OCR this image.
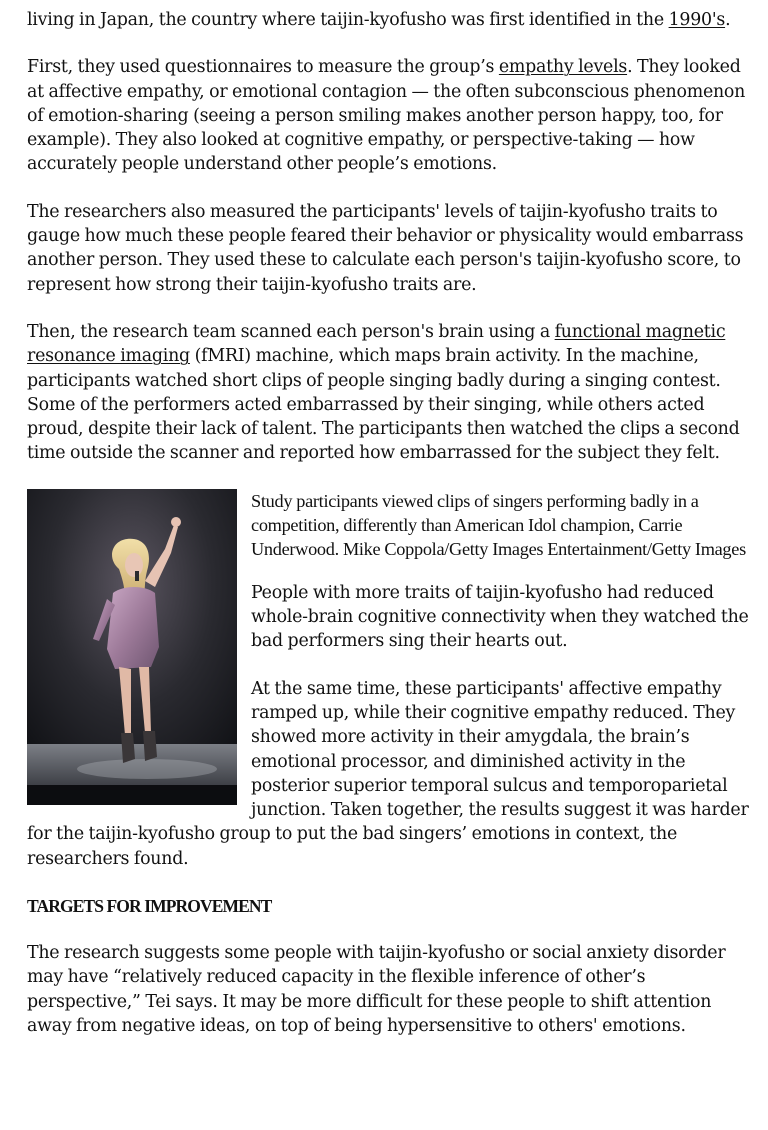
living in Japan, the country where taijin-kyofusho was first identified in the 1990's.

First, they used questionnaires to measure the group’s empathy levels. They looked at affective empathy, or emotional contagion — the often subconscious phenomenon of emotion-sharing (seeing a person smiling makes another person happy, too, for example). They also looked at cognitive empathy, or perspective-taking — how accurately people understand other people’s emotions.

The researchers also measured the participants' levels of taijin-kyofusho traits to gauge how much these people feared their behavior or physicality would embarrass another person. They used these to calculate each person's taijin-kyofusho score, to represent how strong their taijin-kyofusho traits are.

Then, the research team scanned each person's brain using a functional magnetic resonance imaging (fMRI) machine, which maps brain activity. In the machine, participants watched short clips of people singing badly during a singing contest. Some of the performers acted embarrassed by their singing, while others acted proud, despite their lack of talent. The participants then watched the clips a second time outside the scanner and reported how embarrassed for the subject they felt.

Study participants viewed clips of singers performing badly in a competition, differently than American Idol champion, Carrie Underwood. Mike Coppola/Getty Images Entertainment/Getty Images

People with more traits of taijin-kyofusho had reduced whole-brain cognitive connectivity when they watched the bad performers sing their hearts out.

At the same time, these participants' affective empathy ramped up, while their cognitive empathy reduced. They showed more activity in their amygdala, the brain’s emotional processor, and diminished activity in the posterior superior temporal sulcus and temporoparietal junction. Taken together, the results suggest it was harder for the taijin-kyofusho group to put the bad singers’ emotions in context, the researchers found.

TARGETS FOR IMPROVEMENT

The research suggests some people with taijin-kyofusho or social anxiety disorder may have “relatively reduced capacity in the flexible inference of other’s perspective,” Tei says. It may be more difficult for these people to shift attention away from negative ideas, on top of being hypersensitive to others' emotions.
